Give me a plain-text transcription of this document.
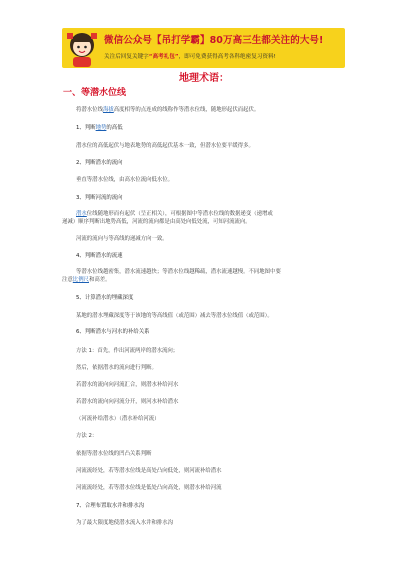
微信公众号【吊打学霸】80万高三生都关注的大号!
关注后回复关键字“高考礼包”，即可免费获得高考各科绝密复习资料!
地理术语：
一、等潜水位线
将潜水位线海拔高度相等的点连成的线称作等潜水位线，随地形起伏而起伏。
1、判断地势的高低
潜水位的高低起伏与地表地势的高低起伏基本一致，但潜水位要平缓得多。
2、判断潜水的流向
垂直等潜水位线，由高水位流向低水位。
3、判断河流的流向
潜水位线随地形而有起伏（呈正相关），可根据图中等潜水位线的数据递变（递增或
递减）顺序判断出地势高低，河流的流向都是由高处向低处流，可知河流流向。
河流的流向与等高线的递减方向一致。
4、判断潜水的流速
等潜水位线越密集，潜水流速越快；等潜水位线越稀疏，潜水流速越慢。不同地图中要
注意比例尺和高差。
5、计算潜水的埋藏深度
某地的潜水埋藏深度等于该地的等高线值（或范围）减去等潜水位线值（或范围）。
6、判断潜水与河水的补给关系
方法 1：首先，作出河流两岸的潜水流向；
然后，依据潜水的流向进行判断。
若潜水的流向向河流汇合，则潜水补给河水
若潜水的流向向河流分开，则河水补给潜水
（河流补给潜水）（潜水补给河流）
方法 2：
依据等潜水位线的凹凸关系判断
河流流经处，若等潜水位线是高处凸向低处，则河流补给潜水
河流流经处，若等潜水位线是低处凸向高处，则潜水补给河流
7、合理布置取水井和排水沟
为了最大限度地使潜水流入水井和排水沟
